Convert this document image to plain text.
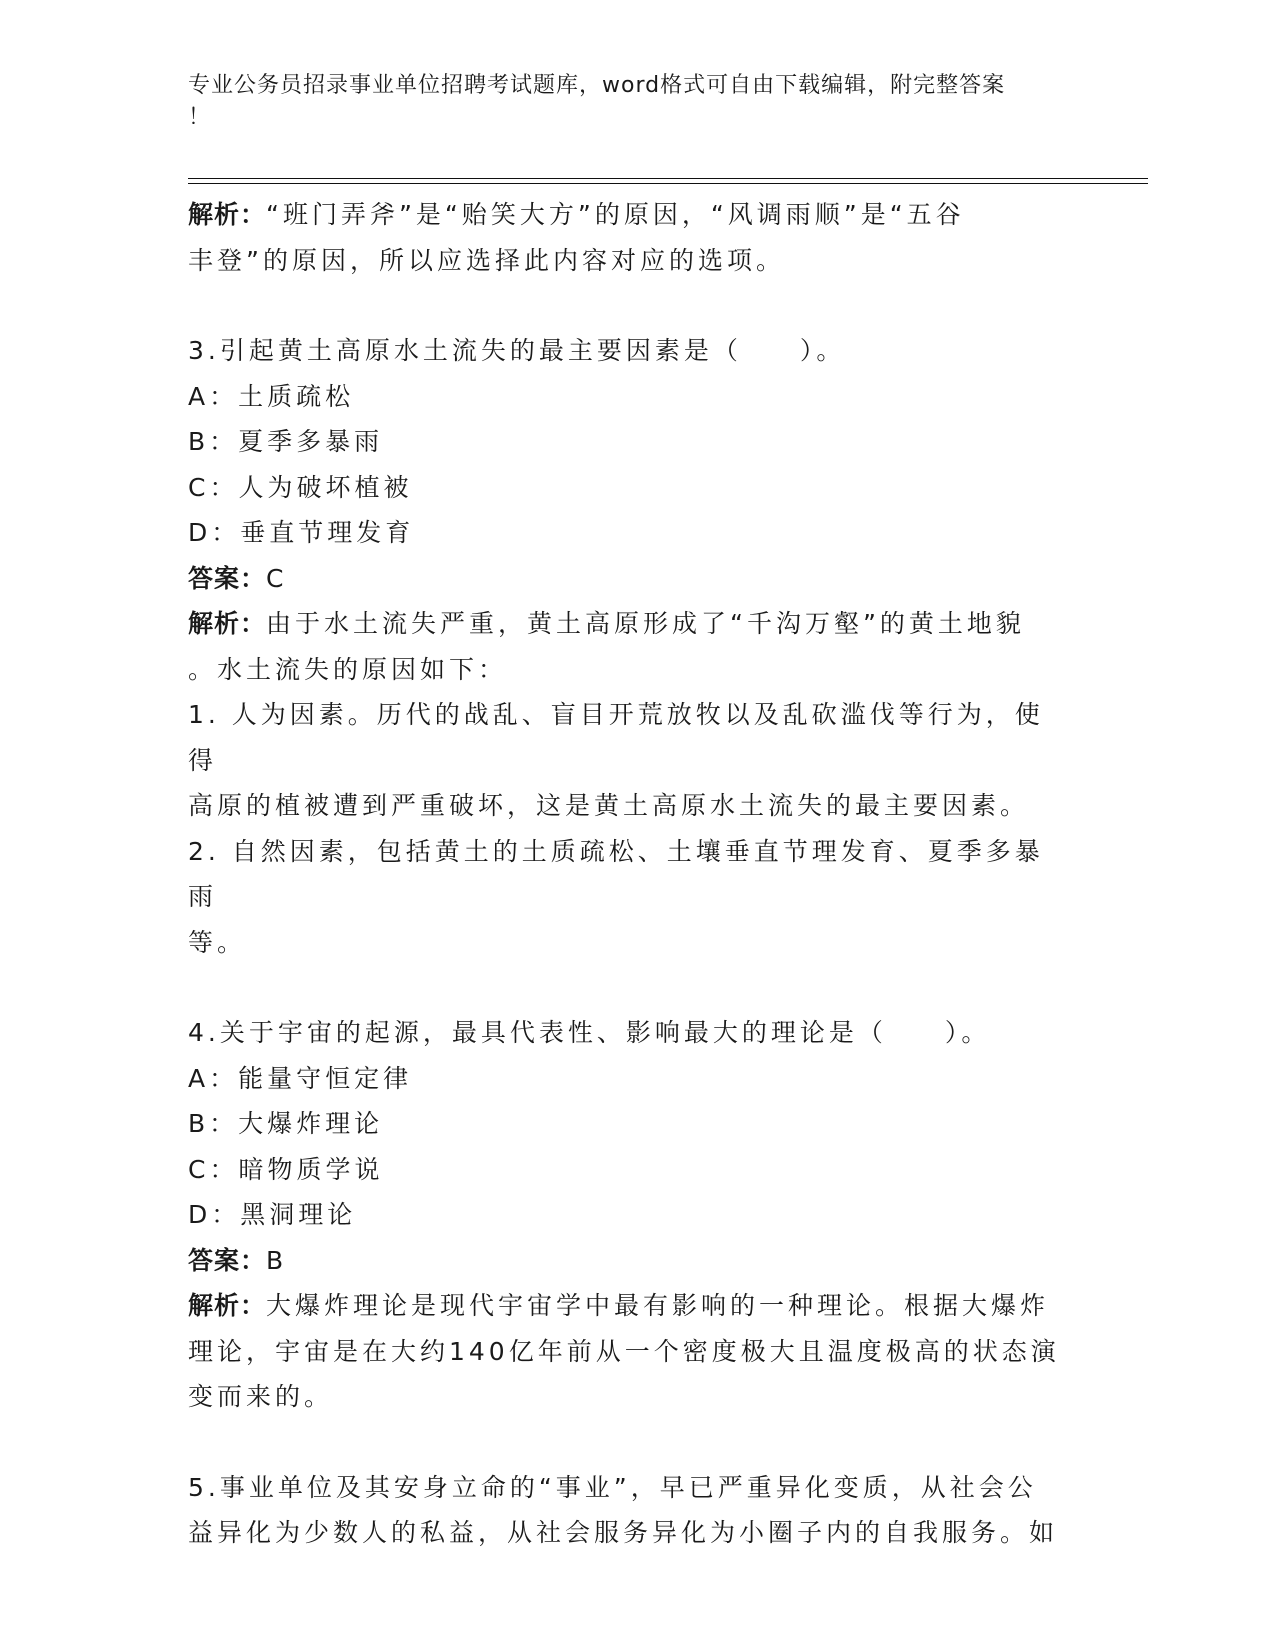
专业公务员招录事业单位招聘考试题库，word格式可自由下载编辑，附完整答案
！

解析：“班门弄斧”是“贻笑大方”的原因，“风调雨顺”是“五谷

丰登”的原因，所以应选择此内容对应的选项。

3.引起黄土高原水土流失的最主要因素是（　　）。

A：土质疏松

B：夏季多暴雨

C：人为破坏植被

D：垂直节理发育

答案：C

解析：由于水土流失严重，黄土高原形成了“千沟万壑”的黄土地貌

。水土流失的原因如下：

1. 人为因素。历代的战乱、盲目开荒放牧以及乱砍滥伐等行为，使得

高原的植被遭到严重破坏，这是黄土高原水土流失的最主要因素。

2. 自然因素，包括黄土的土质疏松、土壤垂直节理发育、夏季多暴雨

等。

4.关于宇宙的起源，最具代表性、影响最大的理论是（　　）。

A：能量守恒定律

B：大爆炸理论

C：暗物质学说

D：黑洞理论

答案：B

解析：大爆炸理论是现代宇宙学中最有影响的一种理论。根据大爆炸

理论，宇宙是在大约140亿年前从一个密度极大且温度极高的状态演

变而来的。

5.事业单位及其安身立命的“事业”，早已严重异化变质，从社会公

益异化为少数人的私益，从社会服务异化为小圈子内的自我服务。如
